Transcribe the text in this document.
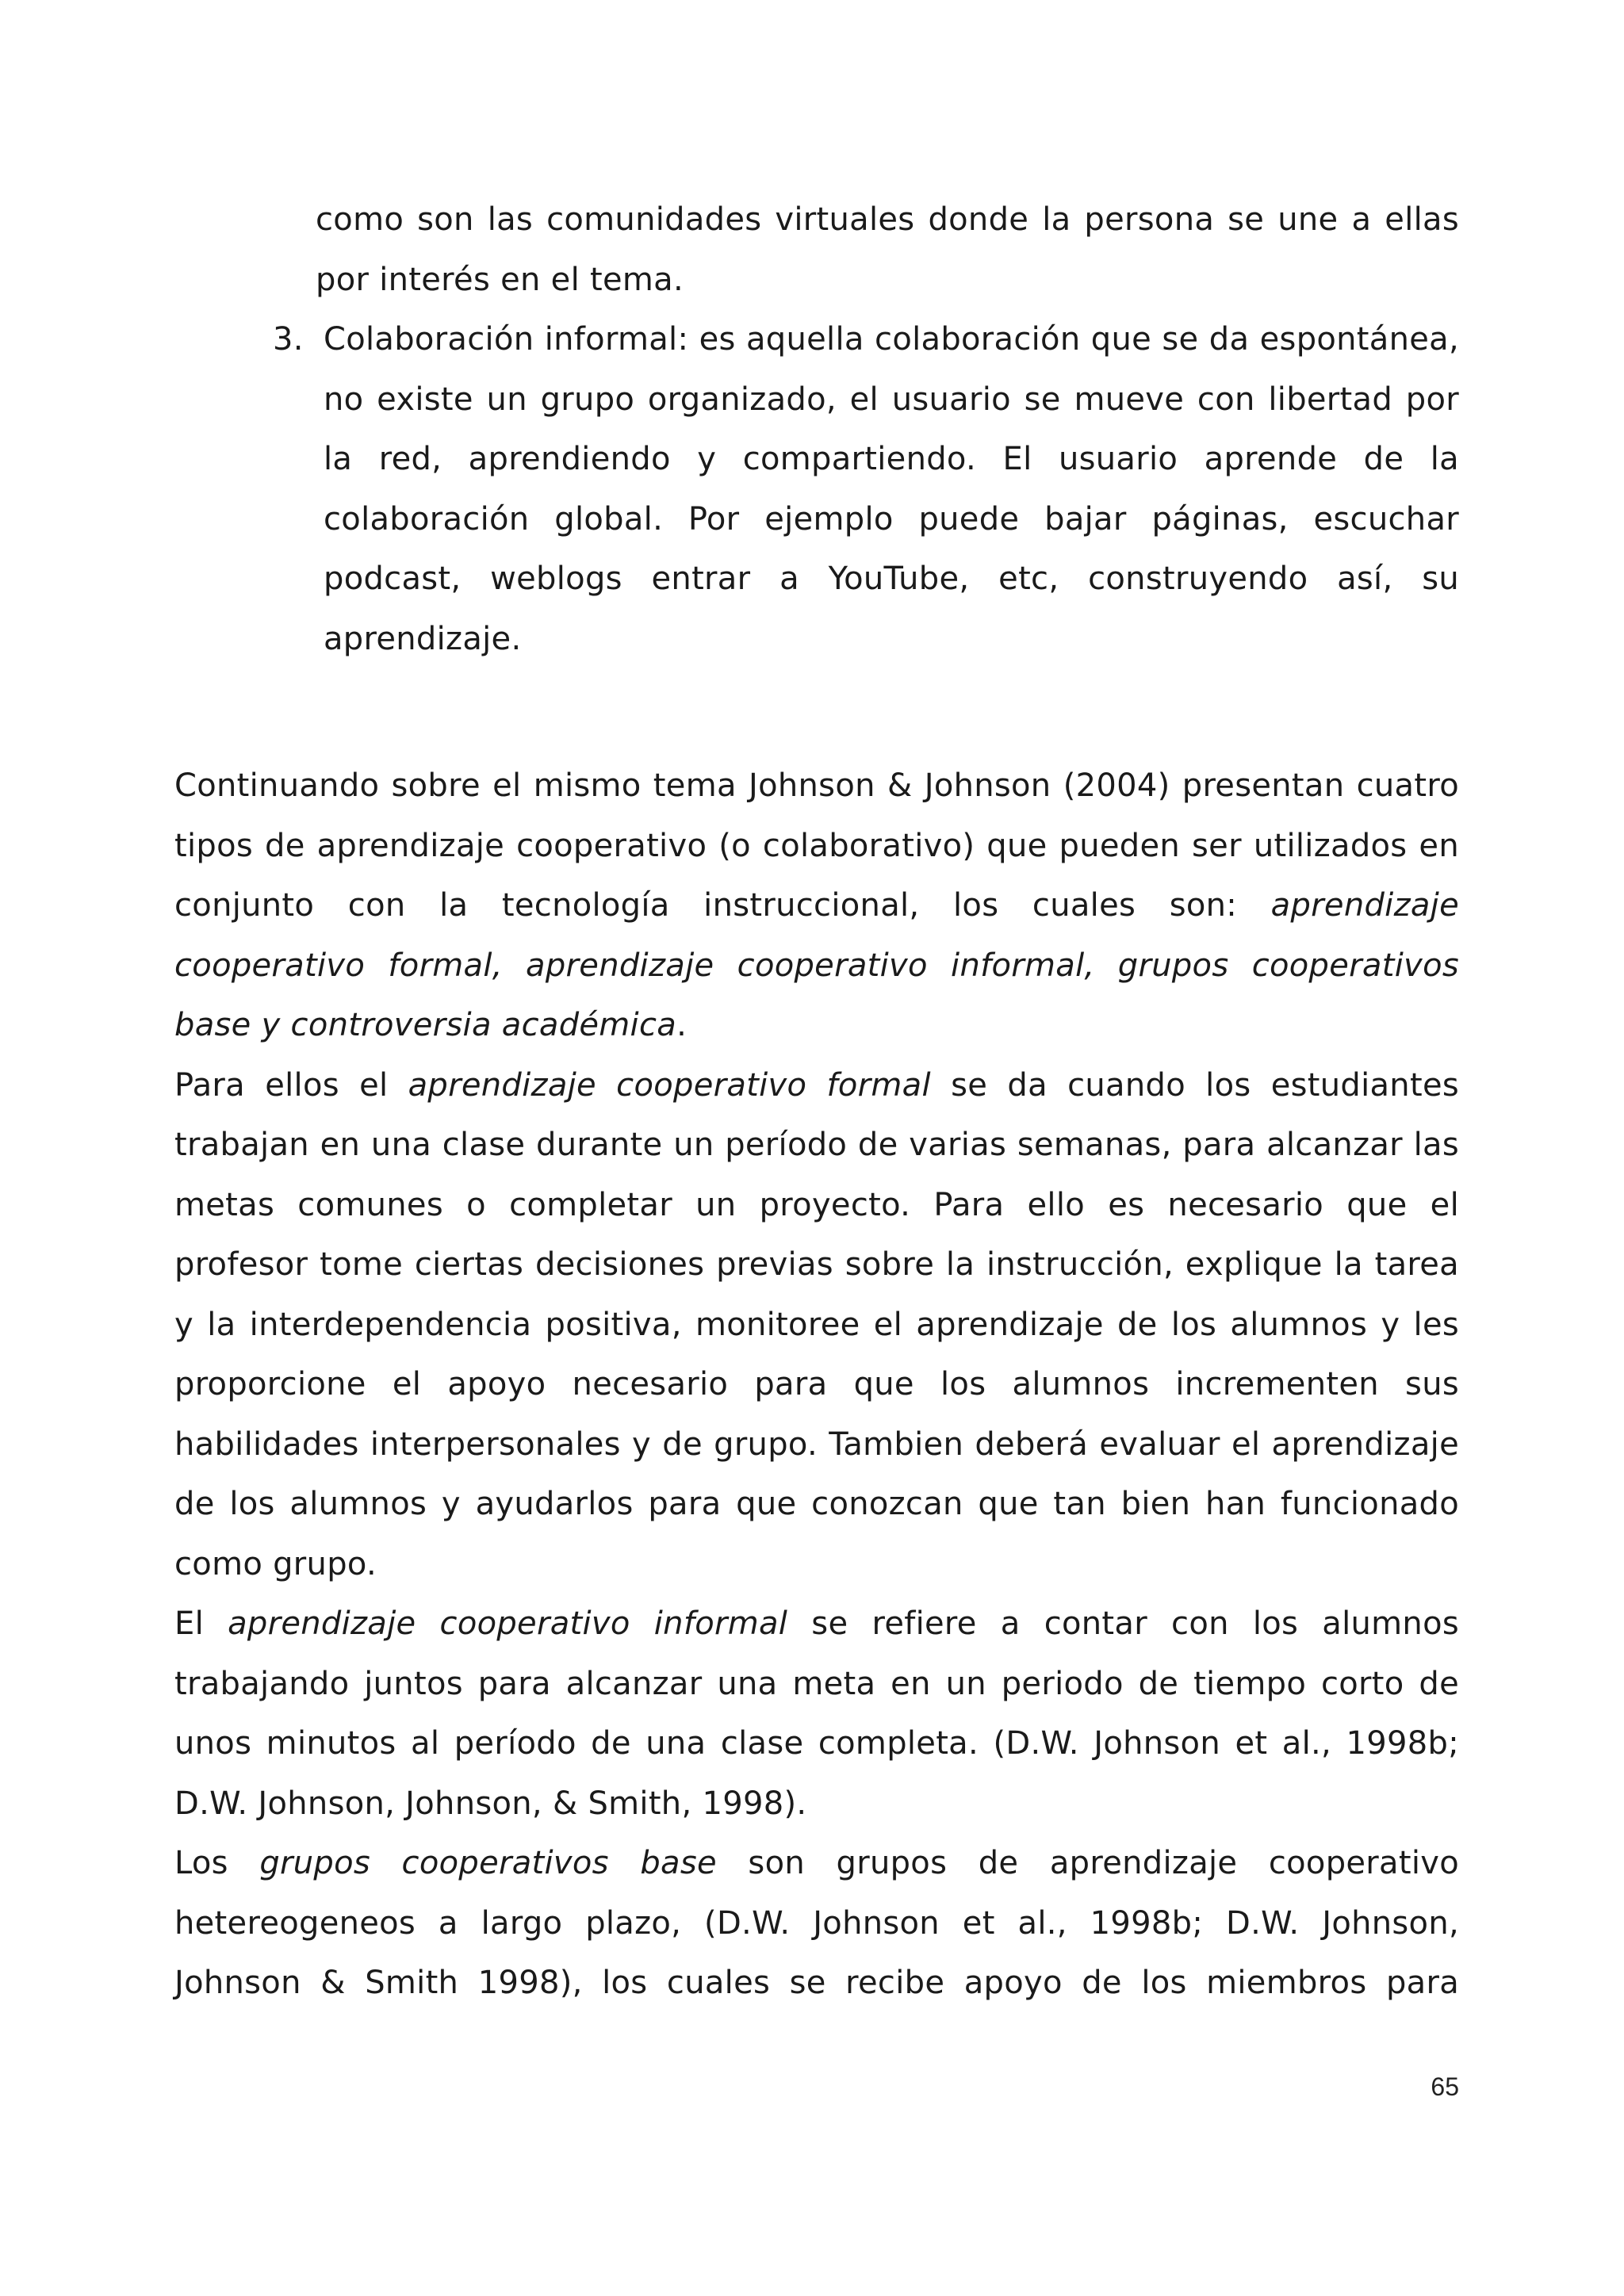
como son las comunidades virtuales donde la persona se une a ellas por interés en el tema.

3. Colaboración informal: es aquella colaboración que se da espontánea, no existe un grupo organizado, el usuario se mueve con libertad por la red, aprendiendo y compartiendo. El usuario aprende de la colaboración global. Por ejemplo puede bajar páginas, escuchar podcast, weblogs entrar a YouTube, etc, construyendo así, su aprendizaje.

Continuando sobre el mismo tema Johnson & Johnson (2004) presentan cuatro tipos de aprendizaje cooperativo (o colaborativo) que pueden ser utilizados en conjunto con la tecnología instruccional, los cuales son: aprendizaje cooperativo formal, aprendizaje cooperativo informal, grupos cooperativos base y controversia académica.

Para ellos el aprendizaje cooperativo formal se da cuando los estudiantes trabajan en una clase durante un período de varias semanas, para alcanzar las metas comunes o completar un proyecto. Para ello es necesario que el profesor tome ciertas decisiones previas sobre la instrucción, explique la tarea y la interdependencia positiva, monitoree el aprendizaje de los alumnos y les proporcione el apoyo necesario para que los alumnos incrementen sus habilidades interpersonales y de grupo. Tambien deberá evaluar el aprendizaje de los alumnos y ayudarlos para que conozcan que tan bien han funcionado como grupo.

El aprendizaje cooperativo informal se refiere a contar con los alumnos trabajando juntos para alcanzar una meta en un periodo de tiempo corto de unos minutos al período de una clase completa. (D.W. Johnson et al., 1998b; D.W. Johnson, Johnson, & Smith, 1998).

Los grupos cooperativos base son grupos de aprendizaje cooperativo hetereogeneos a largo plazo, (D.W. Johnson et al., 1998b; D.W. Johnson, Johnson & Smith 1998), los cuales se recibe apoyo de los miembros para

65
